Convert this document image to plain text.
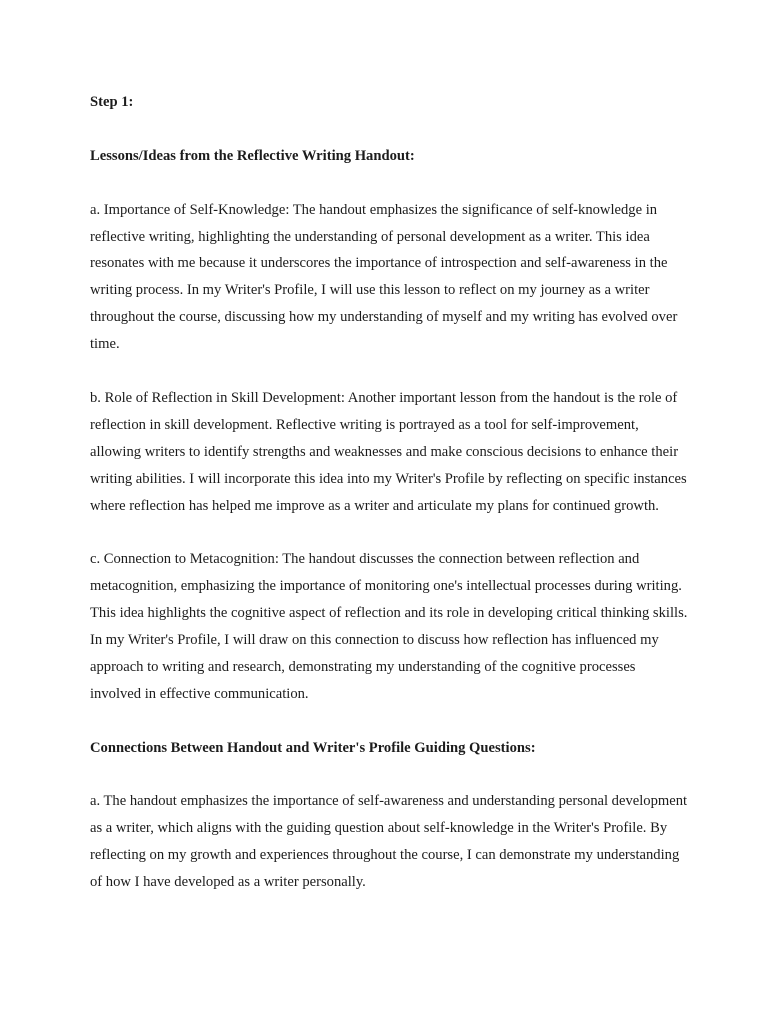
Step 1:
Lessons/Ideas from the Reflective Writing Handout:

a. Importance of Self-Knowledge: The handout emphasizes the significance of self-knowledge in reflective writing, highlighting the understanding of personal development as a writer. This idea resonates with me because it underscores the importance of introspection and self-awareness in the writing process. In my Writer's Profile, I will use this lesson to reflect on my journey as a writer throughout the course, discussing how my understanding of myself and my writing has evolved over time.

b. Role of Reflection in Skill Development: Another important lesson from the handout is the role of reflection in skill development. Reflective writing is portrayed as a tool for self-improvement, allowing writers to identify strengths and weaknesses and make conscious decisions to enhance their writing abilities. I will incorporate this idea into my Writer's Profile by reflecting on specific instances where reflection has helped me improve as a writer and articulate my plans for continued growth.

c. Connection to Metacognition: The handout discusses the connection between reflection and metacognition, emphasizing the importance of monitoring one's intellectual processes during writing. This idea highlights the cognitive aspect of reflection and its role in developing critical thinking skills. In my Writer's Profile, I will draw on this connection to discuss how reflection has influenced my approach to writing and research, demonstrating my understanding of the cognitive processes involved in effective communication.

Connections Between Handout and Writer's Profile Guiding Questions:

a. The handout emphasizes the importance of self-awareness and understanding personal development as a writer, which aligns with the guiding question about self-knowledge in the Writer's Profile. By reflecting on my growth and experiences throughout the course, I can demonstrate my understanding of how I have developed as a writer personally.
